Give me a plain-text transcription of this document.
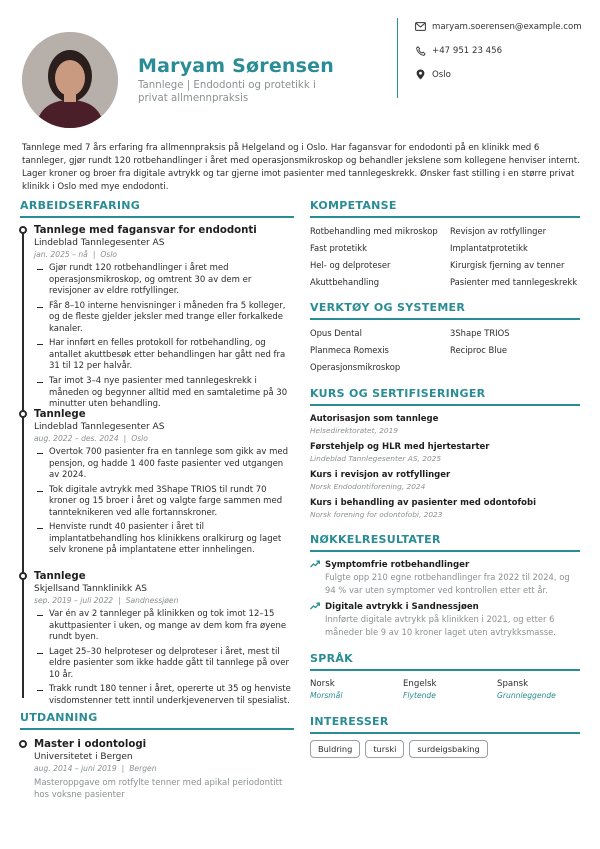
Maryam Sørensen
Tannlege | Endodonti og protetikk i privat allmennpraksis
maryam.soerensen@example.com
+47 951 23 456
Oslo
Tannlege med 7 års erfaring fra allmennpraksis på Helgeland og i Oslo. Har fagansvar for endodonti på en klinikk med 6 tannleger, gjør rundt 120 rotbehandlinger i året med operasjonsmikroskop og behandler jekslene som kollegene henviser internt. Lager kroner og broer fra digitale avtrykk og tar gjerne imot pasienter med tannlegeskrekk. Ønsker fast stilling i en større privat klinikk i Oslo med mye endodonti.
ARBEIDSERFARING
Tannlege med fagansvar for endodonti
Lindeblad Tannlegesenter AS
jan. 2025 – nå | Oslo
Gjør rundt 120 rotbehandlinger i året med operasjonsmikroskop, og omtrent 30 av dem er revisjoner av eldre rotfyllinger.
Får 8–10 interne henvisninger i måneden fra 5 kolleger, og de fleste gjelder jeksler med trange eller forkalkede kanaler.
Har innført en felles protokoll for rotbehandling, og antallet akuttbesøk etter behandlingen har gått ned fra 31 til 12 per halvår.
Tar imot 3–4 nye pasienter med tannlegeskrekk i måneden og begynner alltid med en samtaletime på 30 minutter uten behandling.
Tannlege
Lindeblad Tannlegesenter AS
aug. 2022 – des. 2024 | Oslo
Overtok 700 pasienter fra en tannlege som gikk av med pensjon, og hadde 1 400 faste pasienter ved utgangen av 2024.
Tok digitale avtrykk med 3Shape TRIOS til rundt 70 kroner og 15 broer i året og valgte farge sammen med tannteknikeren ved alle fortannskroner.
Henviste rundt 40 pasienter i året til implantatbehandling hos klinikkens oralkirurg og laget selv kronene på implantatene etter innhelingen.
Tannlege
Skjellsand Tannklinikk AS
sep. 2019 – juli 2022 | Sandnessjøen
Var én av 2 tannleger på klinikken og tok imot 12–15 akuttpasienter i uken, og mange av dem kom fra øyene rundt byen.
Laget 25–30 helproteser og delproteser i året, mest til eldre pasienter som ikke hadde gått til tannlege på over 10 år.
Trakk rundt 180 tenner i året, opererte ut 35 og henviste visdomstenner tett inntil underkjevenerven til spesialist.
UTDANNING
Master i odontologi
Universitetet i Bergen
aug. 2014 – juni 2019 | Bergen
Masteroppgave om rotfylte tenner med apikal periodontitt hos voksne pasienter
KOMPETANSE
Rotbehandling med mikroskop	Revisjon av rotfyllinger
Fast protetikk	Implantatprotetikk
Hel- og delproteser	Kirurgisk fjerning av tenner
Akuttbehandling	Pasienter med tannlegeskrekk
VERKTØY OG SYSTEMER
Opus Dental	3Shape TRIOS
Planmeca Romexis	Reciproc Blue
Operasjonsmikroskop
KURS OG SERTIFISERINGER
Autorisasjon som tannlege
Helsedirektoratet, 2019
Førstehjelp og HLR med hjertestarter
Lindeblad Tannlegesenter AS, 2025
Kurs i revisjon av rotfyllinger
Norsk Endodontiforening, 2024
Kurs i behandling av pasienter med odontofobi
Norsk forening for odontofobi, 2023
NØKKELRESULTATER
Symptomfrie rotbehandlinger
Fulgte opp 210 egne rotbehandlinger fra 2022 til 2024, og 94 % var uten symptomer ved kontrollen etter ett år.
Digitale avtrykk i Sandnessjøen
Innførte digitale avtrykk på klinikken i 2021, og etter 6 måneder ble 9 av 10 kroner laget uten avtrykksmasse.
SPRÅK
Norsk
Morsmål
Engelsk
Flytende
Spansk
Grunnleggende
INTERESSER
Buldring	turski	surdeigsbaking
